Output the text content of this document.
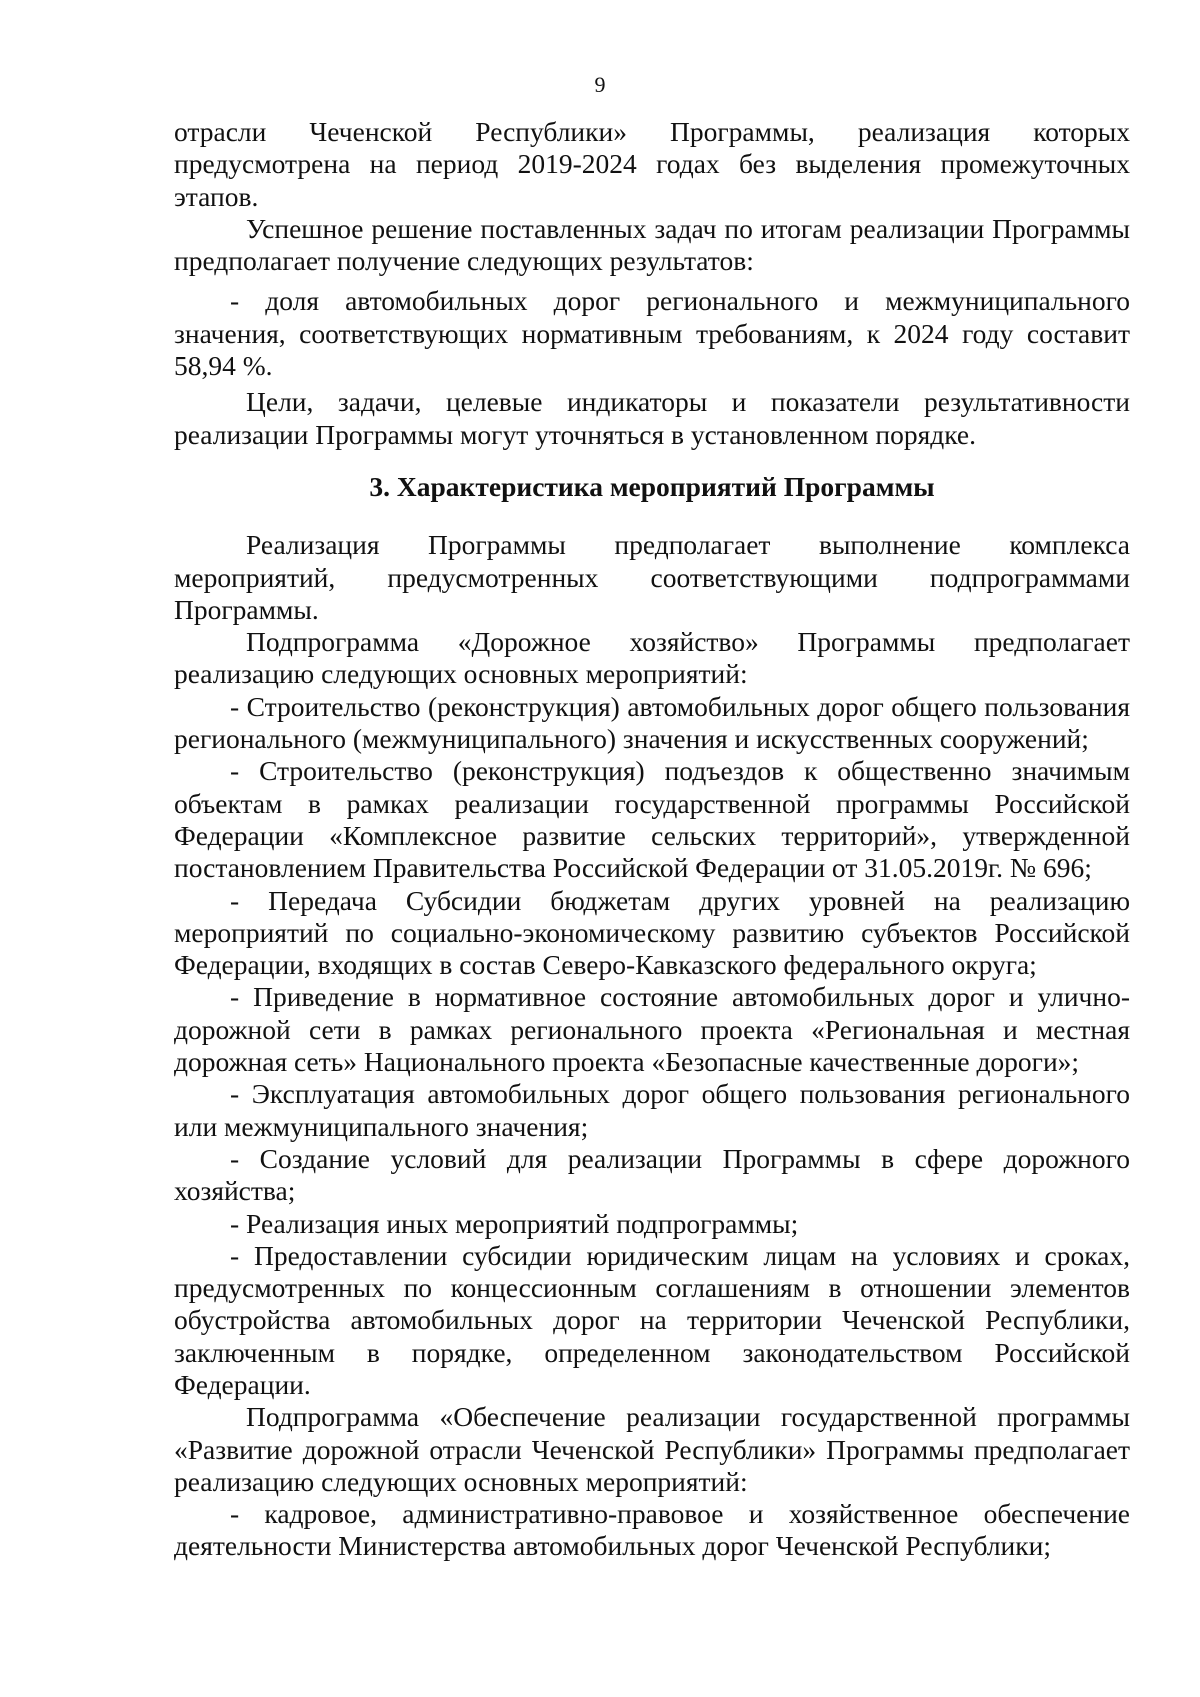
9

отрасли Чеченской Республики» Программы, реализация которых предусмотрена на период 2019-2024 годах без выделения промежуточных этапов.

Успешное решение поставленных задач по итогам реализации Программы предполагает получение следующих результатов:

- доля автомобильных дорог регионального и межмуниципального значения, соответствующих нормативным требованиям, к 2024 году составит 58,94 %.

Цели, задачи, целевые индикаторы и показатели результативности реализации Программы могут уточняться в установленном порядке.

3. Характеристика мероприятий Программы

Реализация Программы предполагает выполнение комплекса мероприятий, предусмотренных соответствующими подпрограммами Программы.

Подпрограмма «Дорожное хозяйство» Программы предполагает реализацию следующих основных мероприятий:

- Строительство (реконструкция) автомобильных дорог общего пользования регионального (межмуниципального) значения и искусственных сооружений;

- Строительство (реконструкция) подъездов к общественно значимым объектам в рамках реализации государственной программы Российской Федерации «Комплексное развитие сельских территорий», утвержденной постановлением Правительства Российской Федерации от 31.05.2019г. № 696;

- Передача Субсидии бюджетам других уровней на реализацию мероприятий по социально-экономическому развитию субъектов Российской Федерации, входящих в состав Северо-Кавказского федерального округа;

- Приведение в нормативное состояние автомобильных дорог и улично-дорожной сети в рамках регионального проекта «Региональная и местная дорожная сеть» Национального проекта «Безопасные качественные дороги»;

- Эксплуатация автомобильных дорог общего пользования регионального или межмуниципального значения;

- Создание условий для реализации Программы в сфере дорожного хозяйства;

- Реализация иных мероприятий подпрограммы;

- Предоставлении субсидии юридическим лицам на условиях и сроках, предусмотренных по концессионным соглашениям в отношении элементов обустройства автомобильных дорог на территории Чеченской Республики, заключенным в порядке, определенном законодательством Российской Федерации.

Подпрограмма «Обеспечение реализации государственной программы «Развитие дорожной отрасли Чеченской Республики» Программы предполагает реализацию следующих основных мероприятий:

- кадровое, административно-правовое и хозяйственное обеспечение деятельности Министерства автомобильных дорог Чеченской Республики;
